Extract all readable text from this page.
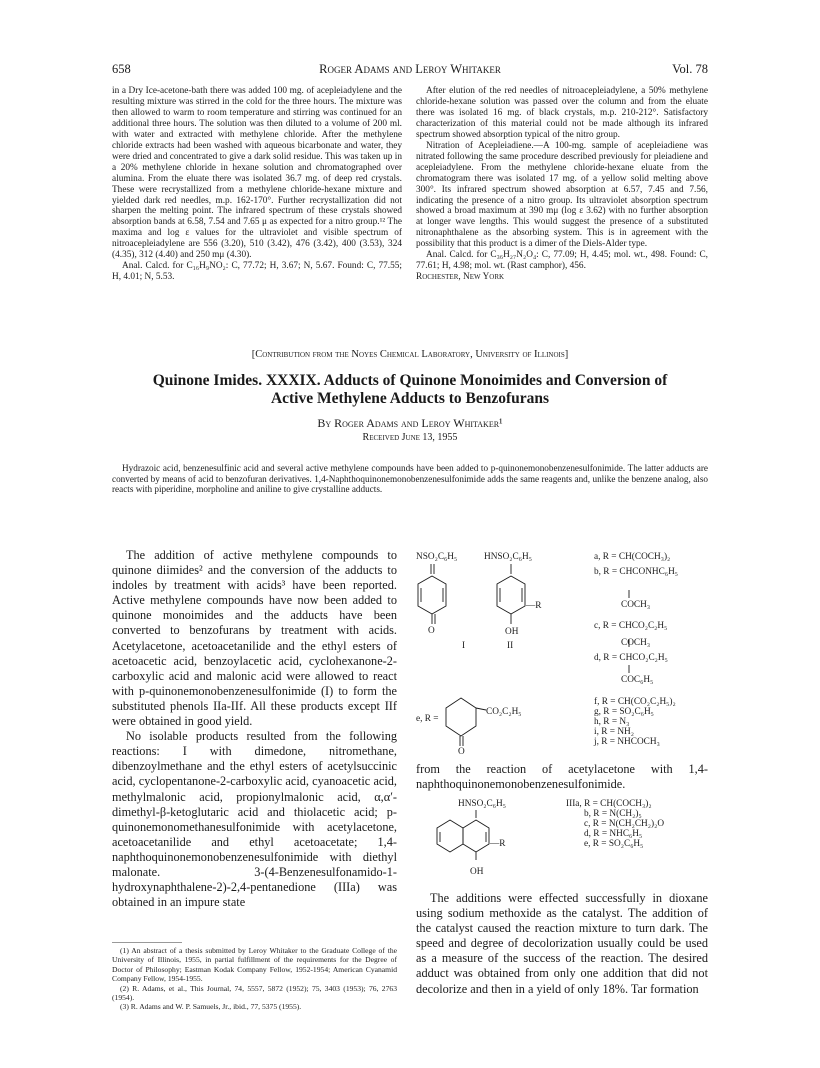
658	Roger Adams and Leroy Whitaker	Vol. 78

in a Dry Ice-acetone-bath there was added 100 mg. of acepleiadylene and the resulting mixture was stirred in the cold for the three hours. The mixture was then allowed to warm to room temperature and stirring was continued for an additional three hours. The solution was then diluted to a volume of 200 ml. with water and extracted with methylene chloride. After the methylene chloride extracts had been washed with aqueous bicarbonate and water, they were dried and concentrated to give a dark solid residue. This was taken up in a 20% methylene chloride in hexane solution and chromatographed over alumina. From the eluate there was isolated 36.7 mg. of deep red crystals. These were recrystallized from a methylene chloride-hexane mixture and yielded dark red needles, m.p. 162-170°. Further recrystallization did not sharpen the melting point. The infrared spectrum of these crystals showed absorption bands at 6.58, 7.54 and 7.65 μ as expected for a nitro group.¹² The maxima and log ε values for the ultraviolet and visible spectrum of nitroacepleiadylene are 556 (3.20), 510 (3.42), 476 (3.42), 400 (3.53), 324 (4.35), 312 (4.40) and 250 mμ (4.30).

Anal. Calcd. for C₁₆H₉NO₂: C, 77.72; H, 3.67; N, 5.67. Found: C, 77.55; H, 4.01; N, 5.53.

After elution of the red needles of nitroacepleiadylene, a 50% methylene chloride-hexane solution was passed over the column and from the eluate there was isolated 16 mg. of black crystals, m.p. 210-212°. Satisfactory characterization of this material could not be made although its infrared spectrum showed absorption typical of the nitro group.

Nitration of Acepleiadiene.—A 100-mg. sample of acepleiadiene was nitrated following the same procedure described previously for pleiadiene and acepleiadylene. From the methylene chloride-hexane eluate from the chromatogram there was isolated 17 mg. of a yellow solid melting above 300°. Its infrared spectrum showed absorption at 6.57, 7.45 and 7.56, indicating the presence of a nitro group. Its ultraviolet absorption spectrum showed a broad maximum at 390 mμ (log ε 3.62) with no further absorption at longer wave lengths. This would suggest the presence of a substituted nitronaphthalene as the absorbing system. This is in agreement with the possibility that this product is a dimer of the Diels-Alder type.

Anal. Calcd. for C₃₆H₂₇N₂O₄: C, 77.09; H, 4.45; mol. wt., 498. Found: C, 77.61; H, 4.98; mol. wt. (Rast camphor), 456.

Rochester, New York

[Contribution from the Noyes Chemical Laboratory, University of Illinois]
Quinone Imides. XXXIX. Adducts of Quinone Monoimides and Conversion of
Active Methylene Adducts to Benzofurans
By Roger Adams and Leroy Whitaker¹
Received June 13, 1955

Hydrazoic acid, benzenesulfinic acid and several active methylene compounds have been added to p-quinonemonobenzenesulfonimide. The latter adducts are converted by means of acid to benzofuran derivatives. 1,4-Naphthoquinonemonobenzenesulfonimide adds the same reagents and, unlike the benzene analog, also reacts with piperidine, morpholine and aniline to give crystalline adducts.

The addition of active methylene compounds to quinone diimides² and the conversion of the adducts to indoles by treatment with acids³ have been reported. Active methylene compounds have now been added to quinone monoimides and the adducts have been converted to benzofurans by treatment with acids. Acetylacetone, acetoacetanilide and the ethyl esters of acetoacetic acid, benzoylacetic acid, cyclohexanone-2-carboxylic acid and malonic acid were allowed to react with p-quinonemonobenzenesulfonimide (I) to form the substituted phenols IIa-IIf. All these products except IIf were obtained in good yield.

No isolable products resulted from the following reactions: I with dimedone, nitromethane, dibenzoylmethane and the ethyl esters of acetylsuccinic acid, cyclopentanone-2-carboxylic acid, cyanoacetic acid, methylmalonic acid, propionylmalonic acid, α,α′-dimethyl-β-ketoglutaric acid and thiolacetic acid; p-quinonemonomethanesulfonimide with acetylacetone, acetoacetanilide and ethyl acetoacetate; 1,4-naphthoquinonemonobenzenesulfonimide with diethyl malonate. 3-(4-Benzenesulfonamido-1-hydroxynaphthalene-2)-2,4-pentanedione (IIIa) was obtained in an impure state

(1) An abstract of a thesis submitted by Leroy Whitaker to the Graduate College of the University of Illinois, 1955, in partial fulfillment of the requirements for the Degree of Doctor of Philosophy; Eastman Kodak Company Fellow, 1952-1954; American Cyanamid Company Fellow, 1954-1955.

(2) R. Adams, et al., This Journal, 74, 5557, 5872 (1952); 75, 3403 (1953); 76, 2763 (1954).

(3) R. Adams and W. P. Samuels, Jr., ibid., 77, 5375 (1955).

NSO₂C₆H₅
O
I
HNSO₂C₆H₅
—R
OH
II
e, R =
CO₂C₂H₅
O
a, R = CH(COCH₃)₂
b, R = CHCONHC₆H₅
COCH₃
c, R = CHCO₂C₂H₅
COCH₃
d, R = CHCO₂C₂H₅
COC₆H₅
f, R = CH(CO₂C₂H₅)₂
g, R = SO₂C₆H₅
h, R = N₃
i, R = NH₂
j, R = NHCOCH₃

from the reaction of acetylacetone with 1,4-naphthoquinonemonobenzenesulfonimide.

HNSO₂C₆H₅
—R
OH
IIIa, R = CH(COCH₃)₂
b, R = N(CH₂)₅
c, R = N(CH₂CH₂)₂O
d, R = NHC₆H₅
e, R = SO₂C₆H₅

The additions were effected successfully in dioxane using sodium methoxide as the catalyst. The addition of the catalyst caused the reaction mixture to turn dark. The speed and degree of decolorization usually could be used as a measure of the success of the reaction. The desired adduct was obtained from only one addition that did not decolorize and then in a yield of only 18%. Tar formation
